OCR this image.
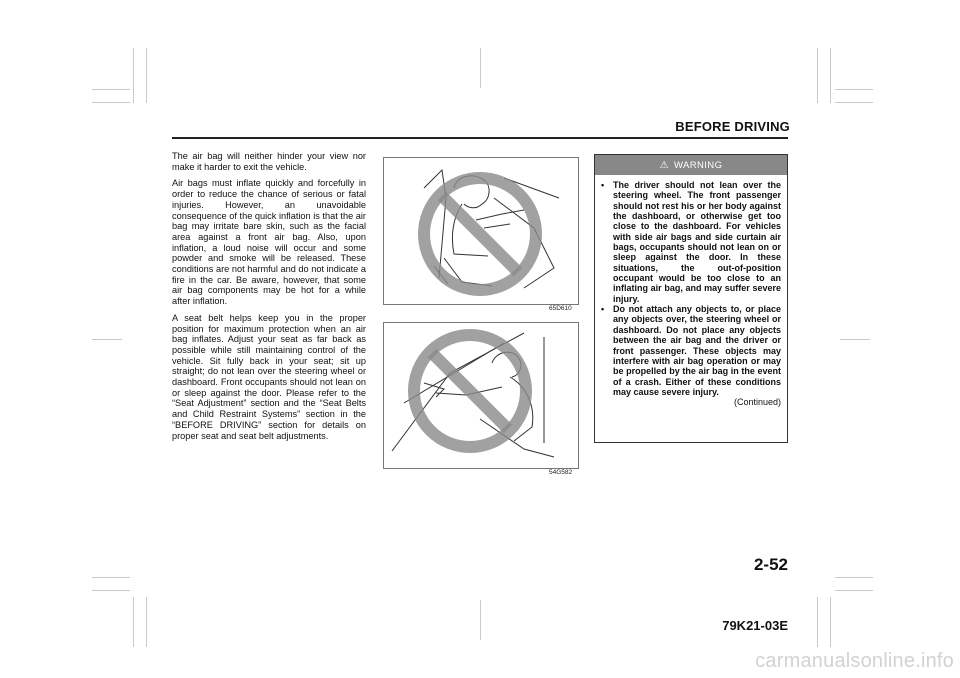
BEFORE DRIVING

The air bag will neither hinder your view nor make it harder to exit the vehicle.

Air bags must inflate quickly and forcefully in order to reduce the chance of serious or fatal injuries. However, an unavoidable consequence of the quick inflation is that the air bag may irritate bare skin, such as the facial area against a front air bag. Also, upon inflation, a loud noise will occur and some powder and smoke will be released. These conditions are not harmful and do not indicate a fire in the car. Be aware, however, that some air bag components may be hot for a while after inflation.

A seat belt helps keep you in the proper position for maximum protection when an air bag inflates. Adjust your seat as far back as possible while still maintaining control of the vehicle. Sit fully back in your seat; sit up straight; do not lean over the steering wheel or dashboard. Front occupants should not lean on or sleep against the door. Please refer to the “Seat Adjustment” section and the “Seat Belts and Child Restraint Systems” section in the “BEFORE DRIVING” section for details on proper seat and seat belt adjustments.

65D610
54G582
⚠ WARNING
• The driver should not lean over the steering wheel. The front passenger should not rest his or her body against the dashboard, or otherwise get too close to the dashboard. For vehicles with side air bags and side curtain air bags, occupants should not lean on or sleep against the door. In these situations, the out-of-position occupant would be too close to an inflating air bag, and may suffer severe injury.
• Do not attach any objects to, or place any objects over, the steering wheel or dashboard. Do not place any objects between the air bag and the driver or front passenger. These objects may interfere with air bag operation or may be propelled by the air bag in the event of a crash. Either of these conditions may cause severe injury.
(Continued)
2-52
79K21-03E
carmanualsonline.info
